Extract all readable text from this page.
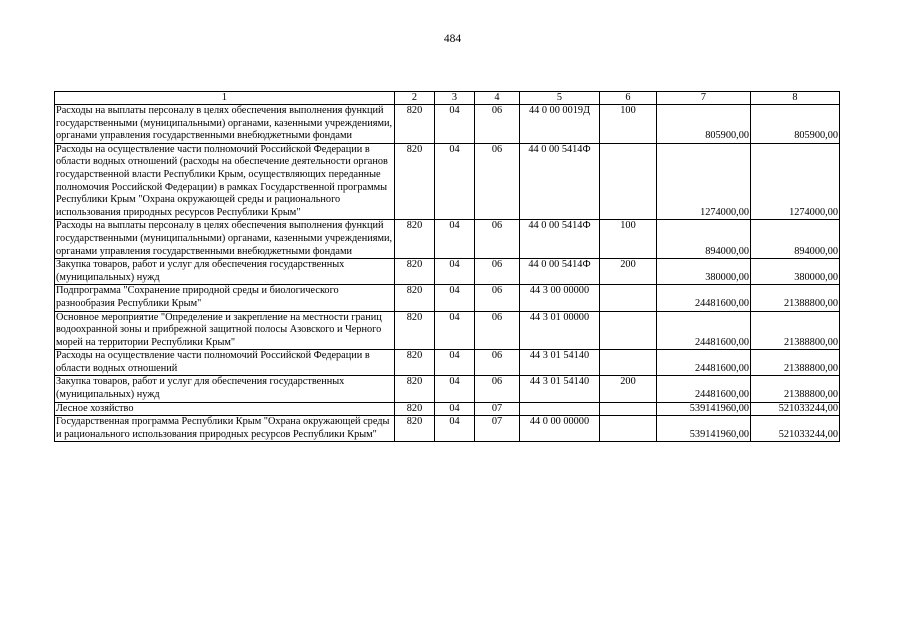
484
1	2	3	4	5	6	7	8
Расходы на выплаты персоналу в целях обеспечения выполнения функций государственными (муниципальными) органами, казенными учреждениями, органами управления государственными внебюджетными фондами	820	04	06	44 0 00 0019Д	100	805900,00	805900,00
Расходы на осуществление части полномочий Российской Федерации в области водных отношений (расходы на обеспечение деятельности органов государственной власти Республики Крым, осуществляющих переданные полномочия Российской Федерации) в рамках Государственной программы Республики Крым "Охрана окружающей среды и рационального использования природных ресурсов Республики Крым"	820	04	06	44 0 00 5414Ф		1274000,00	1274000,00
Расходы на выплаты персоналу в целях обеспечения выполнения функций государственными (муниципальными) органами, казенными учреждениями, органами управления государственными внебюджетными фондами	820	04	06	44 0 00 5414Ф	100	894000,00	894000,00
Закупка товаров, работ и услуг для обеспечения государственных (муниципальных) нужд	820	04	06	44 0 00 5414Ф	200	380000,00	380000,00
Подпрограмма "Сохранение природной среды и биологического разнообразия Республики Крым"	820	04	06	44 3 00 00000		24481600,00	21388800,00
Основное мероприятие "Определение и закрепление на местности границ водоохранной зоны и прибрежной защитной полосы Азовского и Черного морей на территории Республики Крым"	820	04	06	44 3 01 00000		24481600,00	21388800,00
Расходы на осуществление части полномочий Российской Федерации в области водных отношений	820	04	06	44 3 01 54140		24481600,00	21388800,00
Закупка товаров, работ и услуг для обеспечения государственных (муниципальных) нужд	820	04	06	44 3 01 54140	200	24481600,00	21388800,00
Лесное хозяйство	820	04	07			539141960,00	521033244,00
Государственная программа Республики Крым "Охрана окружающей среды и рационального использования природных ресурсов Республики Крым"	820	04	07	44 0 00 00000		539141960,00	521033244,00
